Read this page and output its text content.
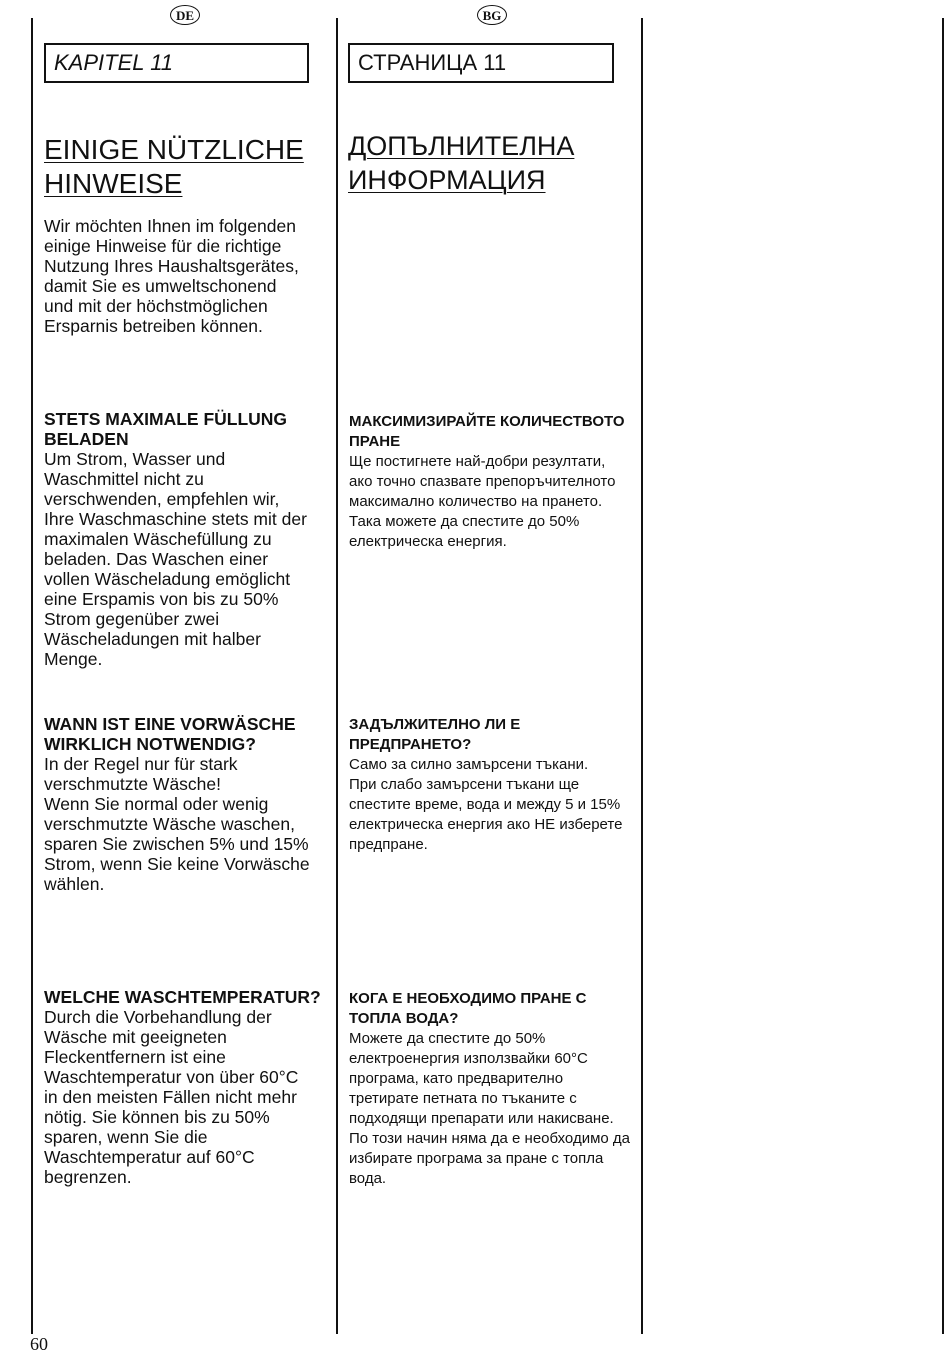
DE	BG
KAPITEL 11	СТРАНИЦА 11
EINIGE NÜTZLICHE
HINWEISE
ДОПЪЛНИТЕЛНА
ИНФОРМАЦИЯ
Wir möchten Ihnen im folgenden
einige Hinweise für die richtige
Nutzung Ihres Haushaltsgerätes,
damit Sie es umweltschonend
und mit der höchstmöglichen
Ersparnis betreiben können.
STETS MAXIMALE FÜLLUNG
BELADEN
Um Strom, Wasser und
Waschmittel nicht zu
verschwenden, empfehlen wir,
Ihre Waschmaschine stets mit der
maximalen Wäschefüllung zu
beladen. Das Waschen einer
vollen Wäscheladung emöglicht
eine Erspamis von bis zu 50%
Strom gegenüber zwei
Wäscheladungen mit halber
Menge.
WANN IST EINE VORWÄSCHE
WIRKLICH NOTWENDIG?
In der Regel nur für stark
verschmutzte Wäsche!
Wenn Sie normal oder wenig
verschmutzte Wäsche waschen,
sparen Sie zwischen 5% und 15%
Strom, wenn Sie keine Vorwäsche
wählen.
WELCHE WASCHTEMPERATUR?
Durch die Vorbehandlung der
Wäsche mit geeigneten
Fleckentfernern ist eine
Waschtemperatur von über 60°C
in den meisten Fällen nicht mehr
nötig. Sie können bis zu 50%
sparen, wenn Sie die
Waschtemperatur auf 60°C
begrenzen.
МАКСИМИЗИРАЙТЕ КОЛИЧЕСТВОТО
ПРАНЕ
Ще постигнете най-добри резултати,
ако точно спазвате препоръчителното
максимално количество на прането.
Така можете да спестите до 50%
електрическа енергия.
ЗАДЪЛЖИТЕЛНО ЛИ Е
ПРЕДПРАНЕТО?
Само за силно замърсени тъкани.
При слабо замърсени тъкани ще
спестите време, вода и между 5 и 15%
електрическа енергия ако НЕ изберете
предпране.
КОГА Е НЕОБХОДИМО ПРАНЕ С
ТОПЛА ВОДА?
Можете да спестите до 50%
електроенергия използвайки 60°C
програма, като предварително
третирате петната по тъканите с
подходящи препарати или накисване.
По този начин няма да е необходимо да
избирате програма за пране с топла
вода.
60
